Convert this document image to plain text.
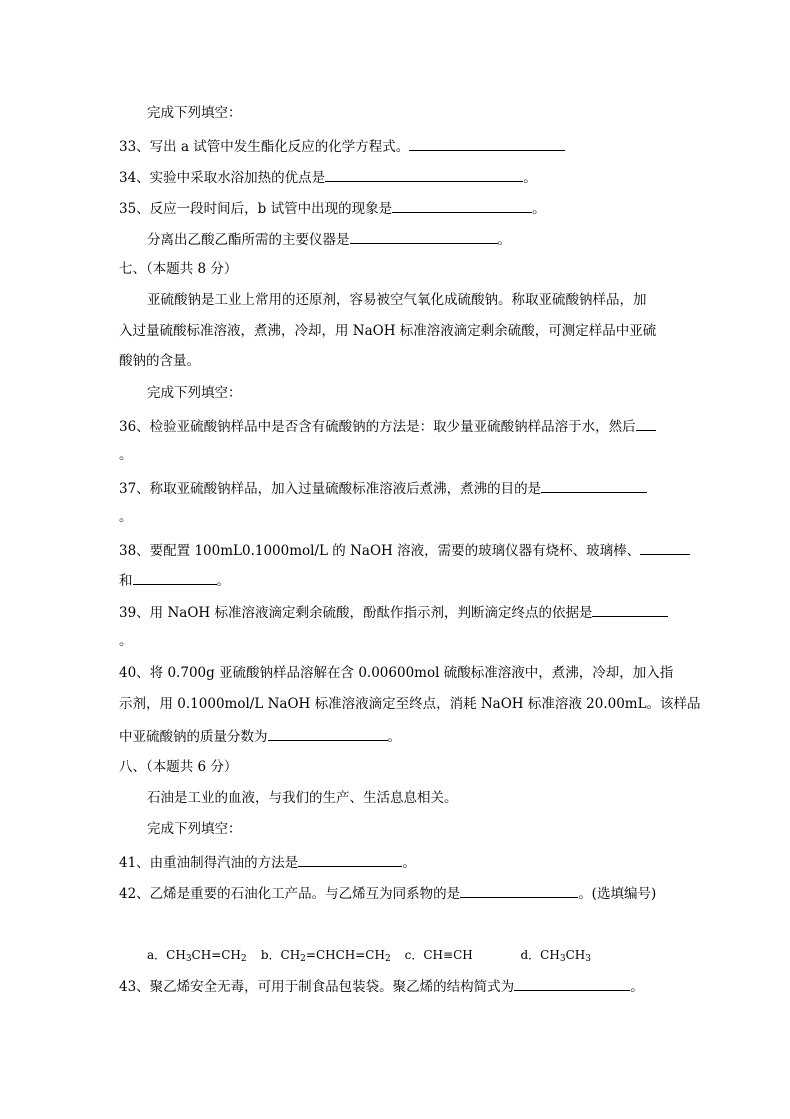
完成下列填空：
33、写出 a 试管中发生酯化反应的化学方程式。
34、实验中采取水浴加热的优点是	。
35、反应一段时间后，b 试管中出现的现象是	。
分离出乙酸乙酯所需的主要仪器是	。
七、（本题共 8 分）
亚硫酸钠是工业上常用的还原剂，容易被空气氧化成硫酸钠。称取亚硫酸钠样品，加
入过量硫酸标准溶液，煮沸，冷却，用 NaOH 标准溶液滴定剩余硫酸，可测定样品中亚硫
酸钠的含量。
完成下列填空：
36、检验亚硫酸钠样品中是否含有硫酸钠的方法是：取少量亚硫酸钠样品溶于水，然后
。
37、称取亚硫酸钠样品，加入过量硫酸标准溶液后煮沸，煮沸的目的是
。
38、要配置 100mL0.1000mol/L 的 NaOH 溶液，需要的玻璃仪器有烧杯、玻璃棒、
和	。
39、用 NaOH 标准溶液滴定剩余硫酸，酚酞作指示剂，判断滴定终点的依据是
。
40、将 0.700g 亚硫酸钠样品溶解在含 0.00600mol 硫酸标准溶液中，煮沸，冷却，加入指
示剂，用 0.1000mol/L NaOH 标准溶液滴定至终点，消耗 NaOH 标准溶液 20.00mL。该样品
中亚硫酸钠的质量分数为	。
八、（本题共 6 分）
石油是工业的血液，与我们的生产、生活息息相关。
完成下列填空：
41、由重油制得汽油的方法是	。
42、乙烯是重要的石油化工产品。与乙烯互为同系物的是	。(选填编号)
a．$CH_3CH=CH_2$ b．$CH_2=CHCH=CH_2$ c．CH≡CH	d．$CH_3CH_3$
43、聚乙烯安全无毒，可用于制食品包装袋。聚乙烯的结构简式为	。
